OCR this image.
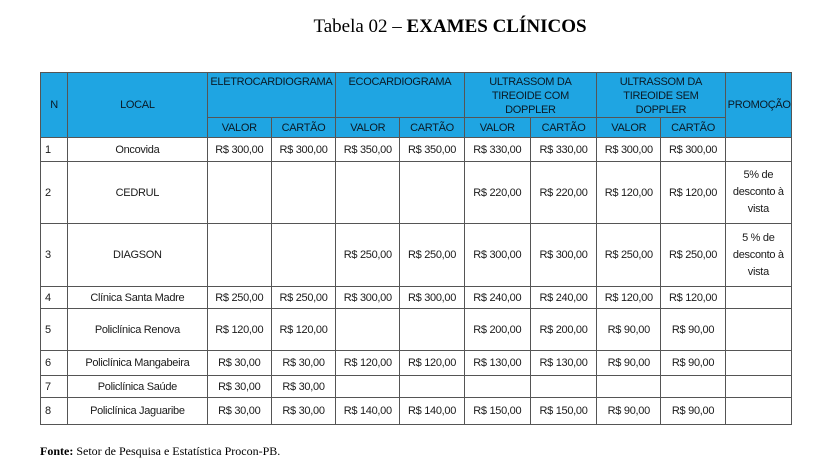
Tabela 02 – EXAMES CLÍNICOS
N	LOCAL	ELETROCARDIOGRAMA		ECOCARDIOGRAMA		ULTRASSOM DA TIREOIDE COM DOPPLER		ULTRASSOM DA TIREOIDE SEM DOPPLER		PROMOÇÃO
		VALOR	CARTÃO	VALOR	CARTÃO	VALOR	CARTÃO	VALOR	CARTÃO	
1	Oncovida	R$ 300,00	R$ 300,00	R$ 350,00	R$ 350,00	R$ 330,00	R$ 330,00	R$ 300,00	R$ 300,00	
2	CEDRUL					R$ 220,00	R$ 220,00	R$ 120,00	R$ 120,00	5% de desconto à vista
3	DIAGSON			R$ 250,00	R$ 250,00	R$ 300,00	R$ 300,00	R$ 250,00	R$ 250,00	5 % de desconto à vista
4	Clínica Santa Madre	R$ 250,00	R$ 250,00	R$ 300,00	R$ 300,00	R$ 240,00	R$ 240,00	R$ 120,00	R$ 120,00	
5	Policlínica Renova	R$ 120,00	R$ 120,00			R$ 200,00	R$ 200,00	R$ 90,00	R$ 90,00	
6	Policlínica Mangabeira	R$ 30,00	R$ 30,00	R$ 120,00	R$ 120,00	R$ 130,00	R$ 130,00	R$ 90,00	R$ 90,00	
7	Policlínica Saúde	R$ 30,00	R$ 30,00							
8	Policlínica Jaguaribe	R$ 30,00	R$ 30,00	R$ 140,00	R$ 140,00	R$ 150,00	R$ 150,00	R$ 90,00	R$ 90,00	
Fonte: Setor de Pesquisa e Estatística Procon-PB.
